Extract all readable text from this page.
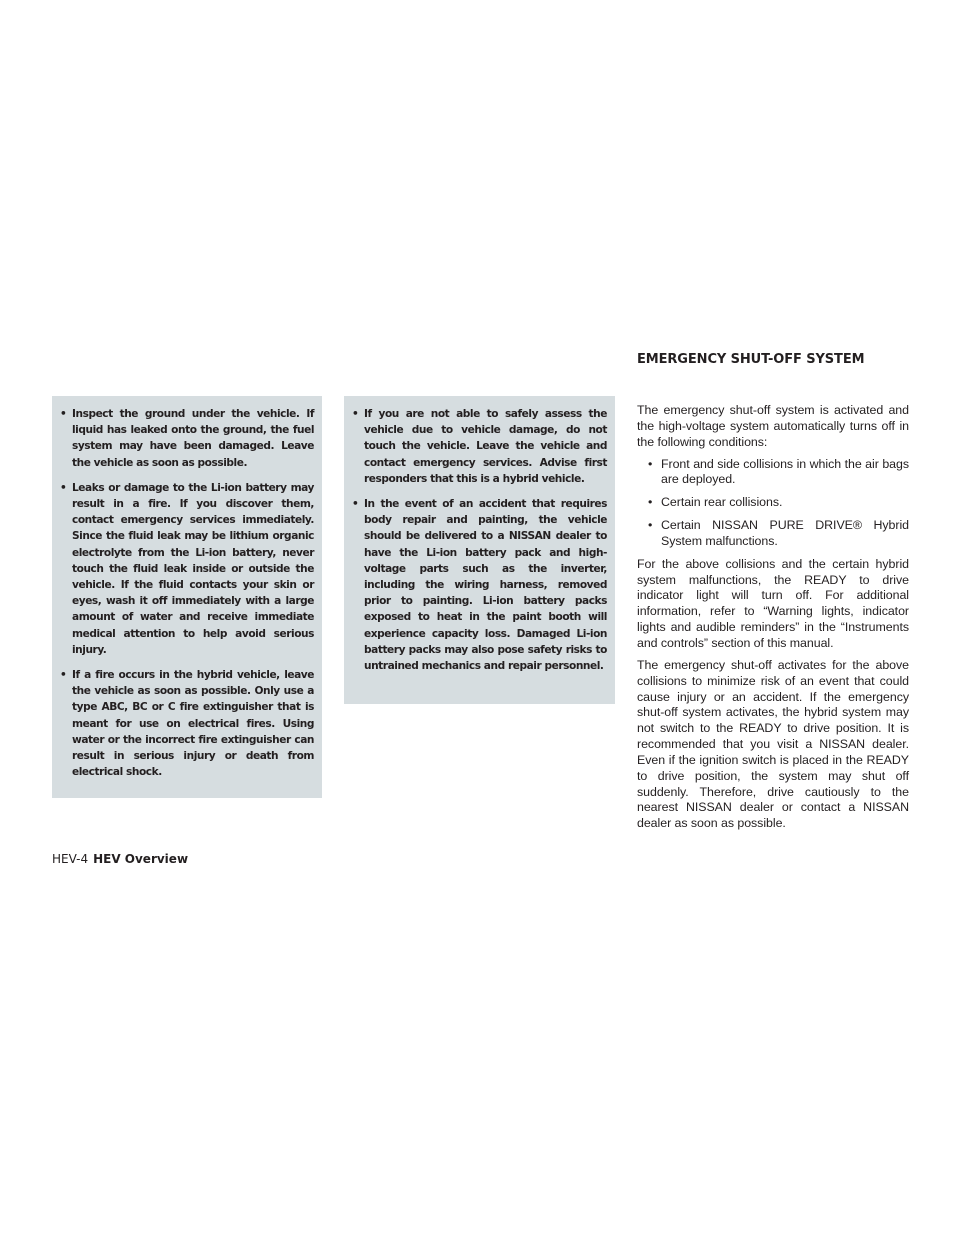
• Inspect the ground under the vehicle. If liquid has leaked onto the ground, the fuel system may have been damaged. Leave the vehicle as soon as possible.
• Leaks or damage to the Li-ion battery may result in a fire. If you discover them, contact emergency services immediately. Since the fluid leak may be lithium organic electrolyte from the Li-ion battery, never touch the fluid leak inside or outside the vehicle. If the fluid contacts your skin or eyes, wash it off immediately with a large amount of water and receive immediate medical attention to help avoid serious injury.
• If a fire occurs in the hybrid vehicle, leave the vehicle as soon as possible. Only use a type ABC, BC or C fire extinguisher that is meant for use on electrical fires. Using water or the incorrect fire extinguisher can result in serious injury or death from electrical shock.
• If you are not able to safely assess the vehicle due to vehicle damage, do not touch the vehicle. Leave the vehicle and contact emergency services. Advise first responders that this is a hybrid vehicle.
• In the event of an accident that requires body repair and painting, the vehicle should be delivered to a NISSAN dealer to have the Li-ion battery pack and high-voltage parts such as the inverter, including the wiring harness, removed prior to painting. Li-ion battery packs exposed to heat in the paint booth will experience capacity loss. Damaged Li-ion battery packs may also pose safety risks to untrained mechanics and repair personnel.
EMERGENCY SHUT-OFF SYSTEM

The emergency shut-off system is activated and the high-voltage system automatically turns off in the following conditions:

• Front and side collisions in which the air bags are deployed.
• Certain rear collisions.
• Certain NISSAN PURE DRIVE® Hybrid System malfunctions.

For the above collisions and the certain hybrid system malfunctions, the READY to drive indicator light will turn off. For additional information, refer to “Warning lights, indicator lights and audible reminders” in the “Instruments and controls” section of this manual.

The emergency shut-off activates for the above collisions to minimize risk of an event that could cause injury or an accident. If the emergency shut-off system activates, the hybrid system may not switch to the READY to drive position. It is recommended that you visit a NISSAN dealer. Even if the ignition switch is placed in the READY to drive position, the system may shut off suddenly. Therefore, drive cautiously to the nearest NISSAN dealer or contact a NISSAN dealer as soon as possible.

HEV-4 HEV Overview
